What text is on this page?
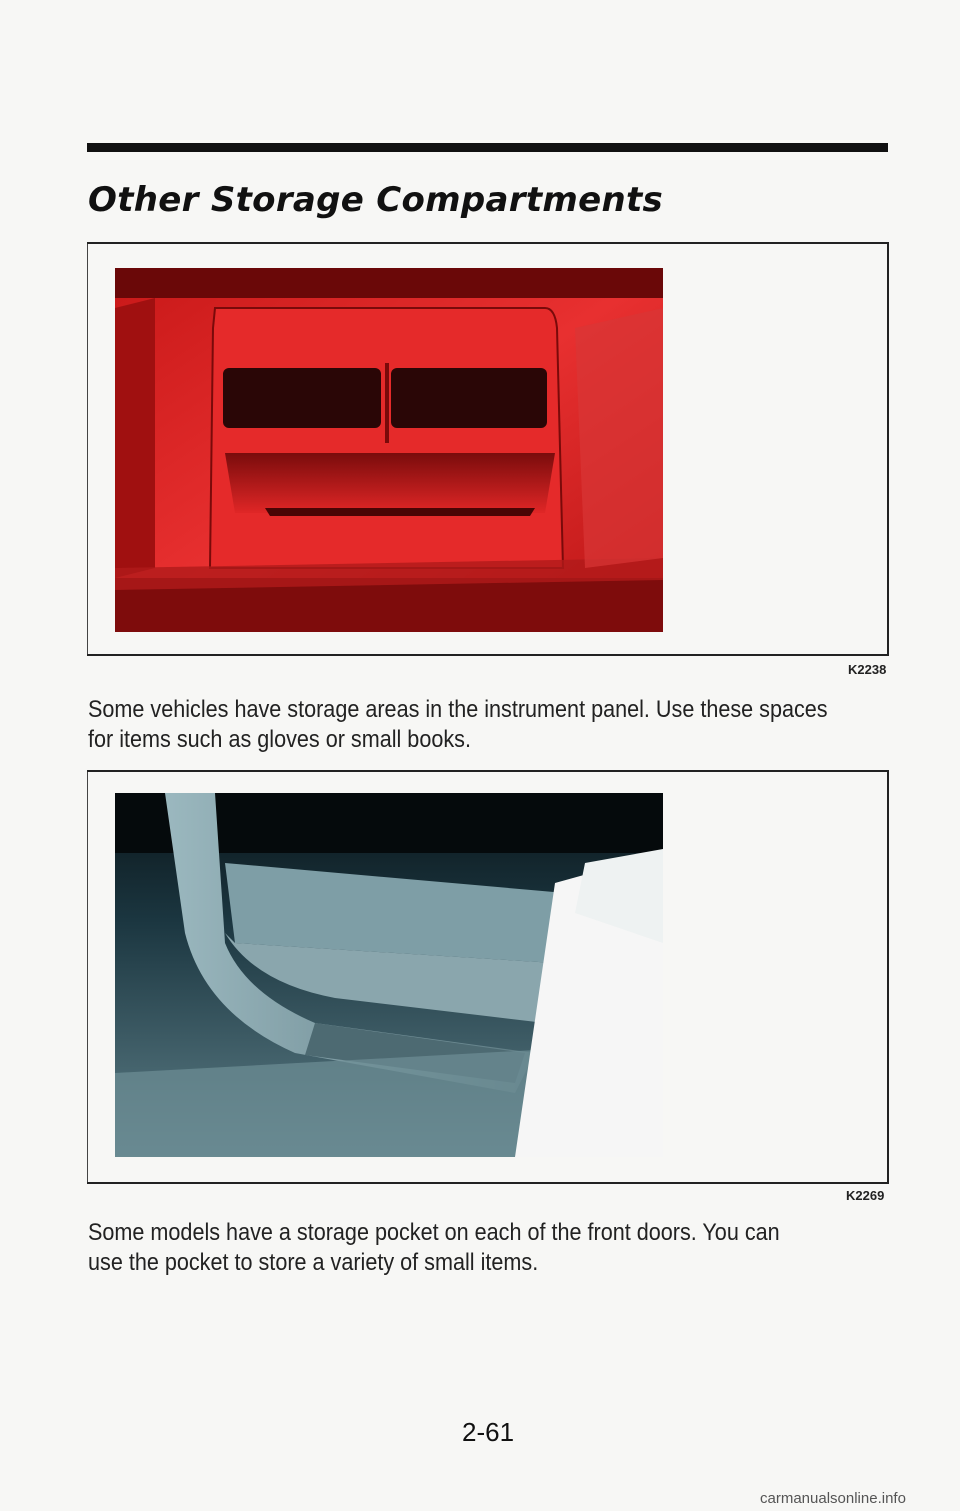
Other Storage Compartments
K2238
Some vehicles have storage areas in the instrument panel. Use these spaces
for items such as gloves or small books.
K2269
Some models have a storage pocket on each of the front doors. You can
use the pocket to store a variety of small items.
2-61
carmanualsonline.info
